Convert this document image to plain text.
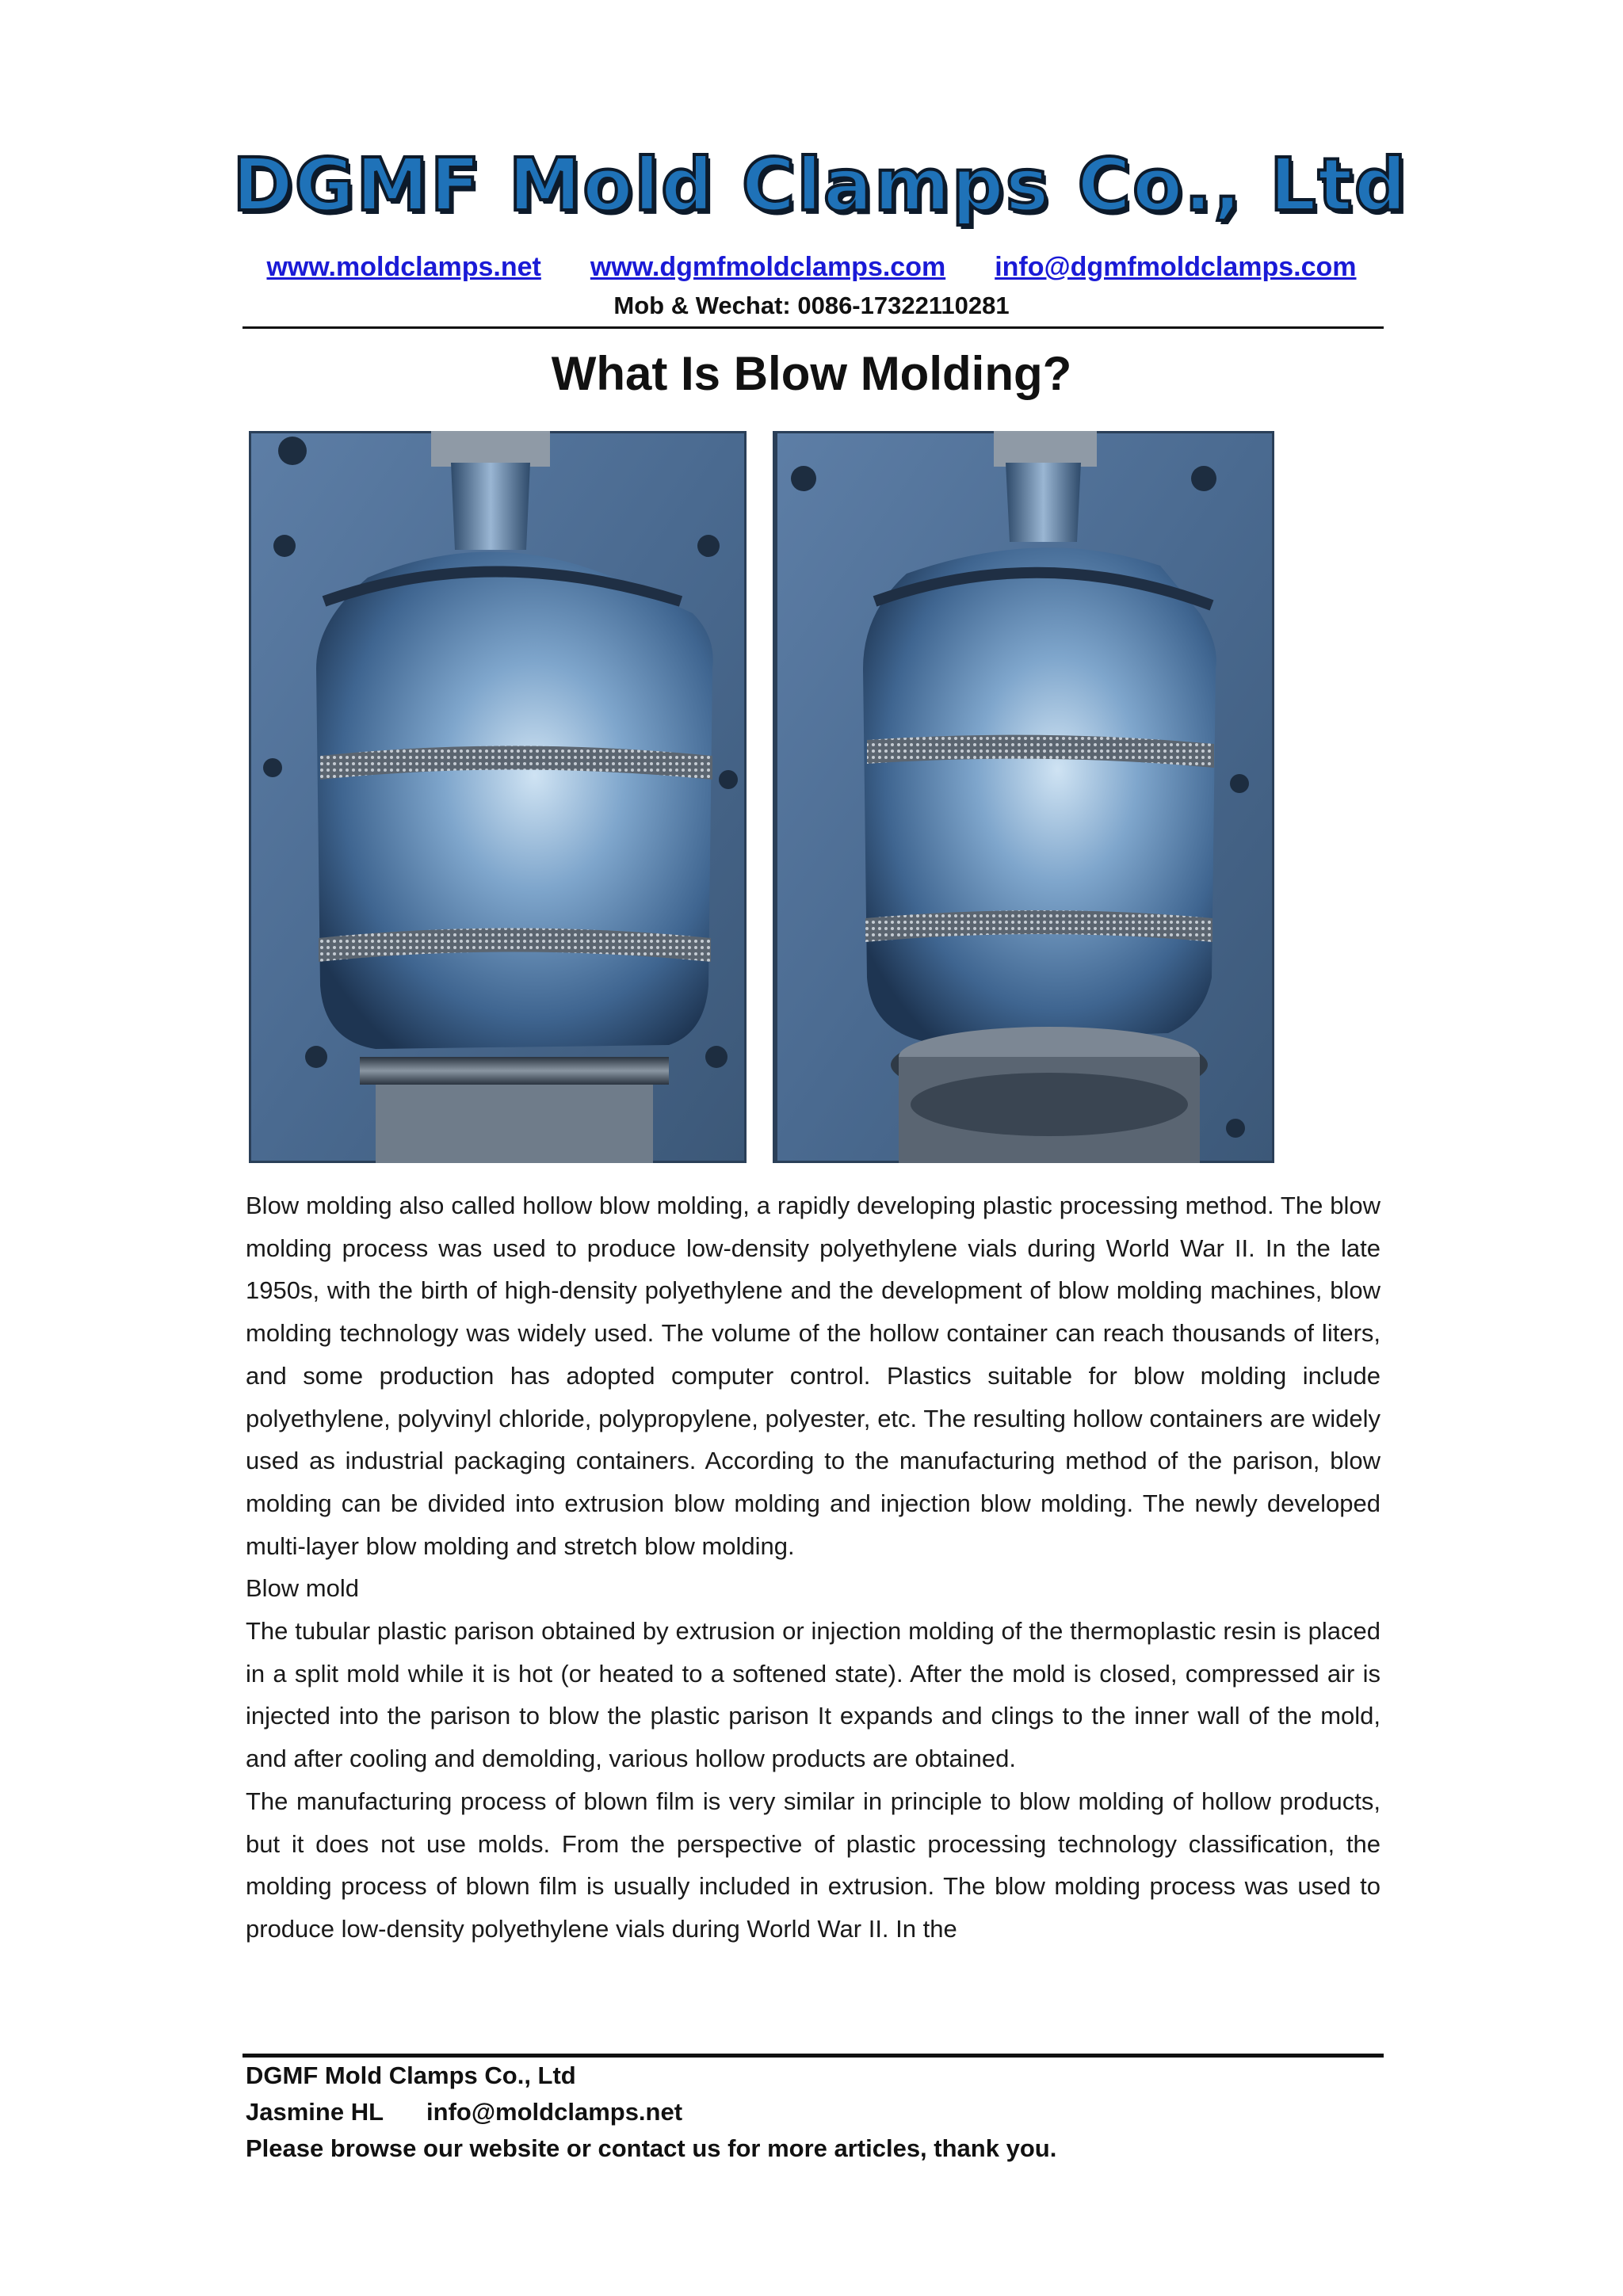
DGMF Mold Clamps Co., Ltd
www.moldclamps.net www.dgmfmoldclamps.com info@dgmfmoldclamps.com
Mob & Wechat: 0086-17322110281
What Is Blow Molding?

Blow molding also called hollow blow molding, a rapidly developing plastic processing method. The blow molding process was used to produce low-density polyethylene vials during World War II. In the late 1950s, with the birth of high-density polyethylene and the development of blow molding machines, blow molding technology was widely used. The volume of the hollow container can reach thousands of liters, and some production has adopted computer control. Plastics suitable for blow molding include polyethylene, polyvinyl chloride, polypropylene, polyester, etc. The resulting hollow containers are widely used as industrial packaging containers. According to the manufacturing method of the parison, blow molding can be divided into extrusion blow molding and injection blow molding. The newly developed multi-layer blow molding and stretch blow molding.

Blow mold

The tubular plastic parison obtained by extrusion or injection molding of the thermoplastic resin is placed in a split mold while it is hot (or heated to a softened state). After the mold is closed, compressed air is injected into the parison to blow the plastic parison It expands and clings to the inner wall of the mold, and after cooling and demolding, various hollow products are obtained.

The manufacturing process of blown film is very similar in principle to blow molding of hollow products, but it does not use molds. From the perspective of plastic processing technology classification, the molding process of blown film is usually included in extrusion. The blow molding process was used to produce low-density polyethylene vials during World War II. In the

DGMF Mold Clamps Co., Ltd
Jasmine HL info@moldclamps.net
Please browse our website or contact us for more articles, thank you.
